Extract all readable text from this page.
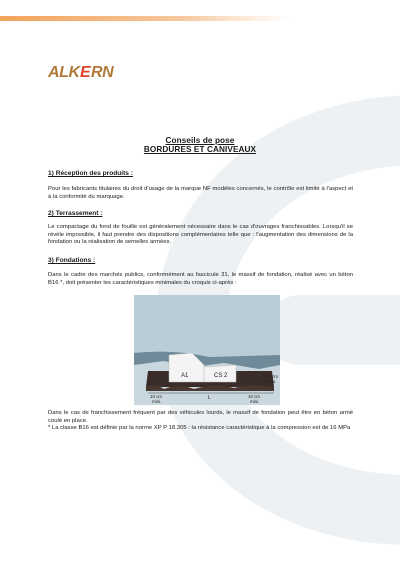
ALK E RN
Conseils de pose
BORDURES ET CANIVEAUX
1) Réception des produits :
Pour les fabricants titulaires du droit d'usage de la marque NF modèles concernés, le contrôle est limité à l'aspect et à la conformité du marquage.
2) Terrassement :
Le compactage du fond de fouille est généralement nécessaire dans le cas d'ouvrages franchissables. Lorsqu'il se révèle impossible, il faut prendre des dispositions complémentaires telle que : l'augmentation des dimensions de la fondation ou la réalisation de semelles armées.
3) Fondations :
Dans le cadre des marchés publics, conformément au fascicule 31, le massif de fondation, réalisé avec un béton B16 *, doit présenter les caractéristiques minimales du croquis ci-après :
A1	CS 2	10 cm
mini.
10 cm
mini.
L	10 cm
mini.
Dans le cas de franchissement fréquent par des véhicules lourds, le massif de fondation peut être en béton armé coulé en place.
* La classe B16 est définie par la norme XP P 18.305 : la résistance caractéristique à la compression est de 16 MPa
